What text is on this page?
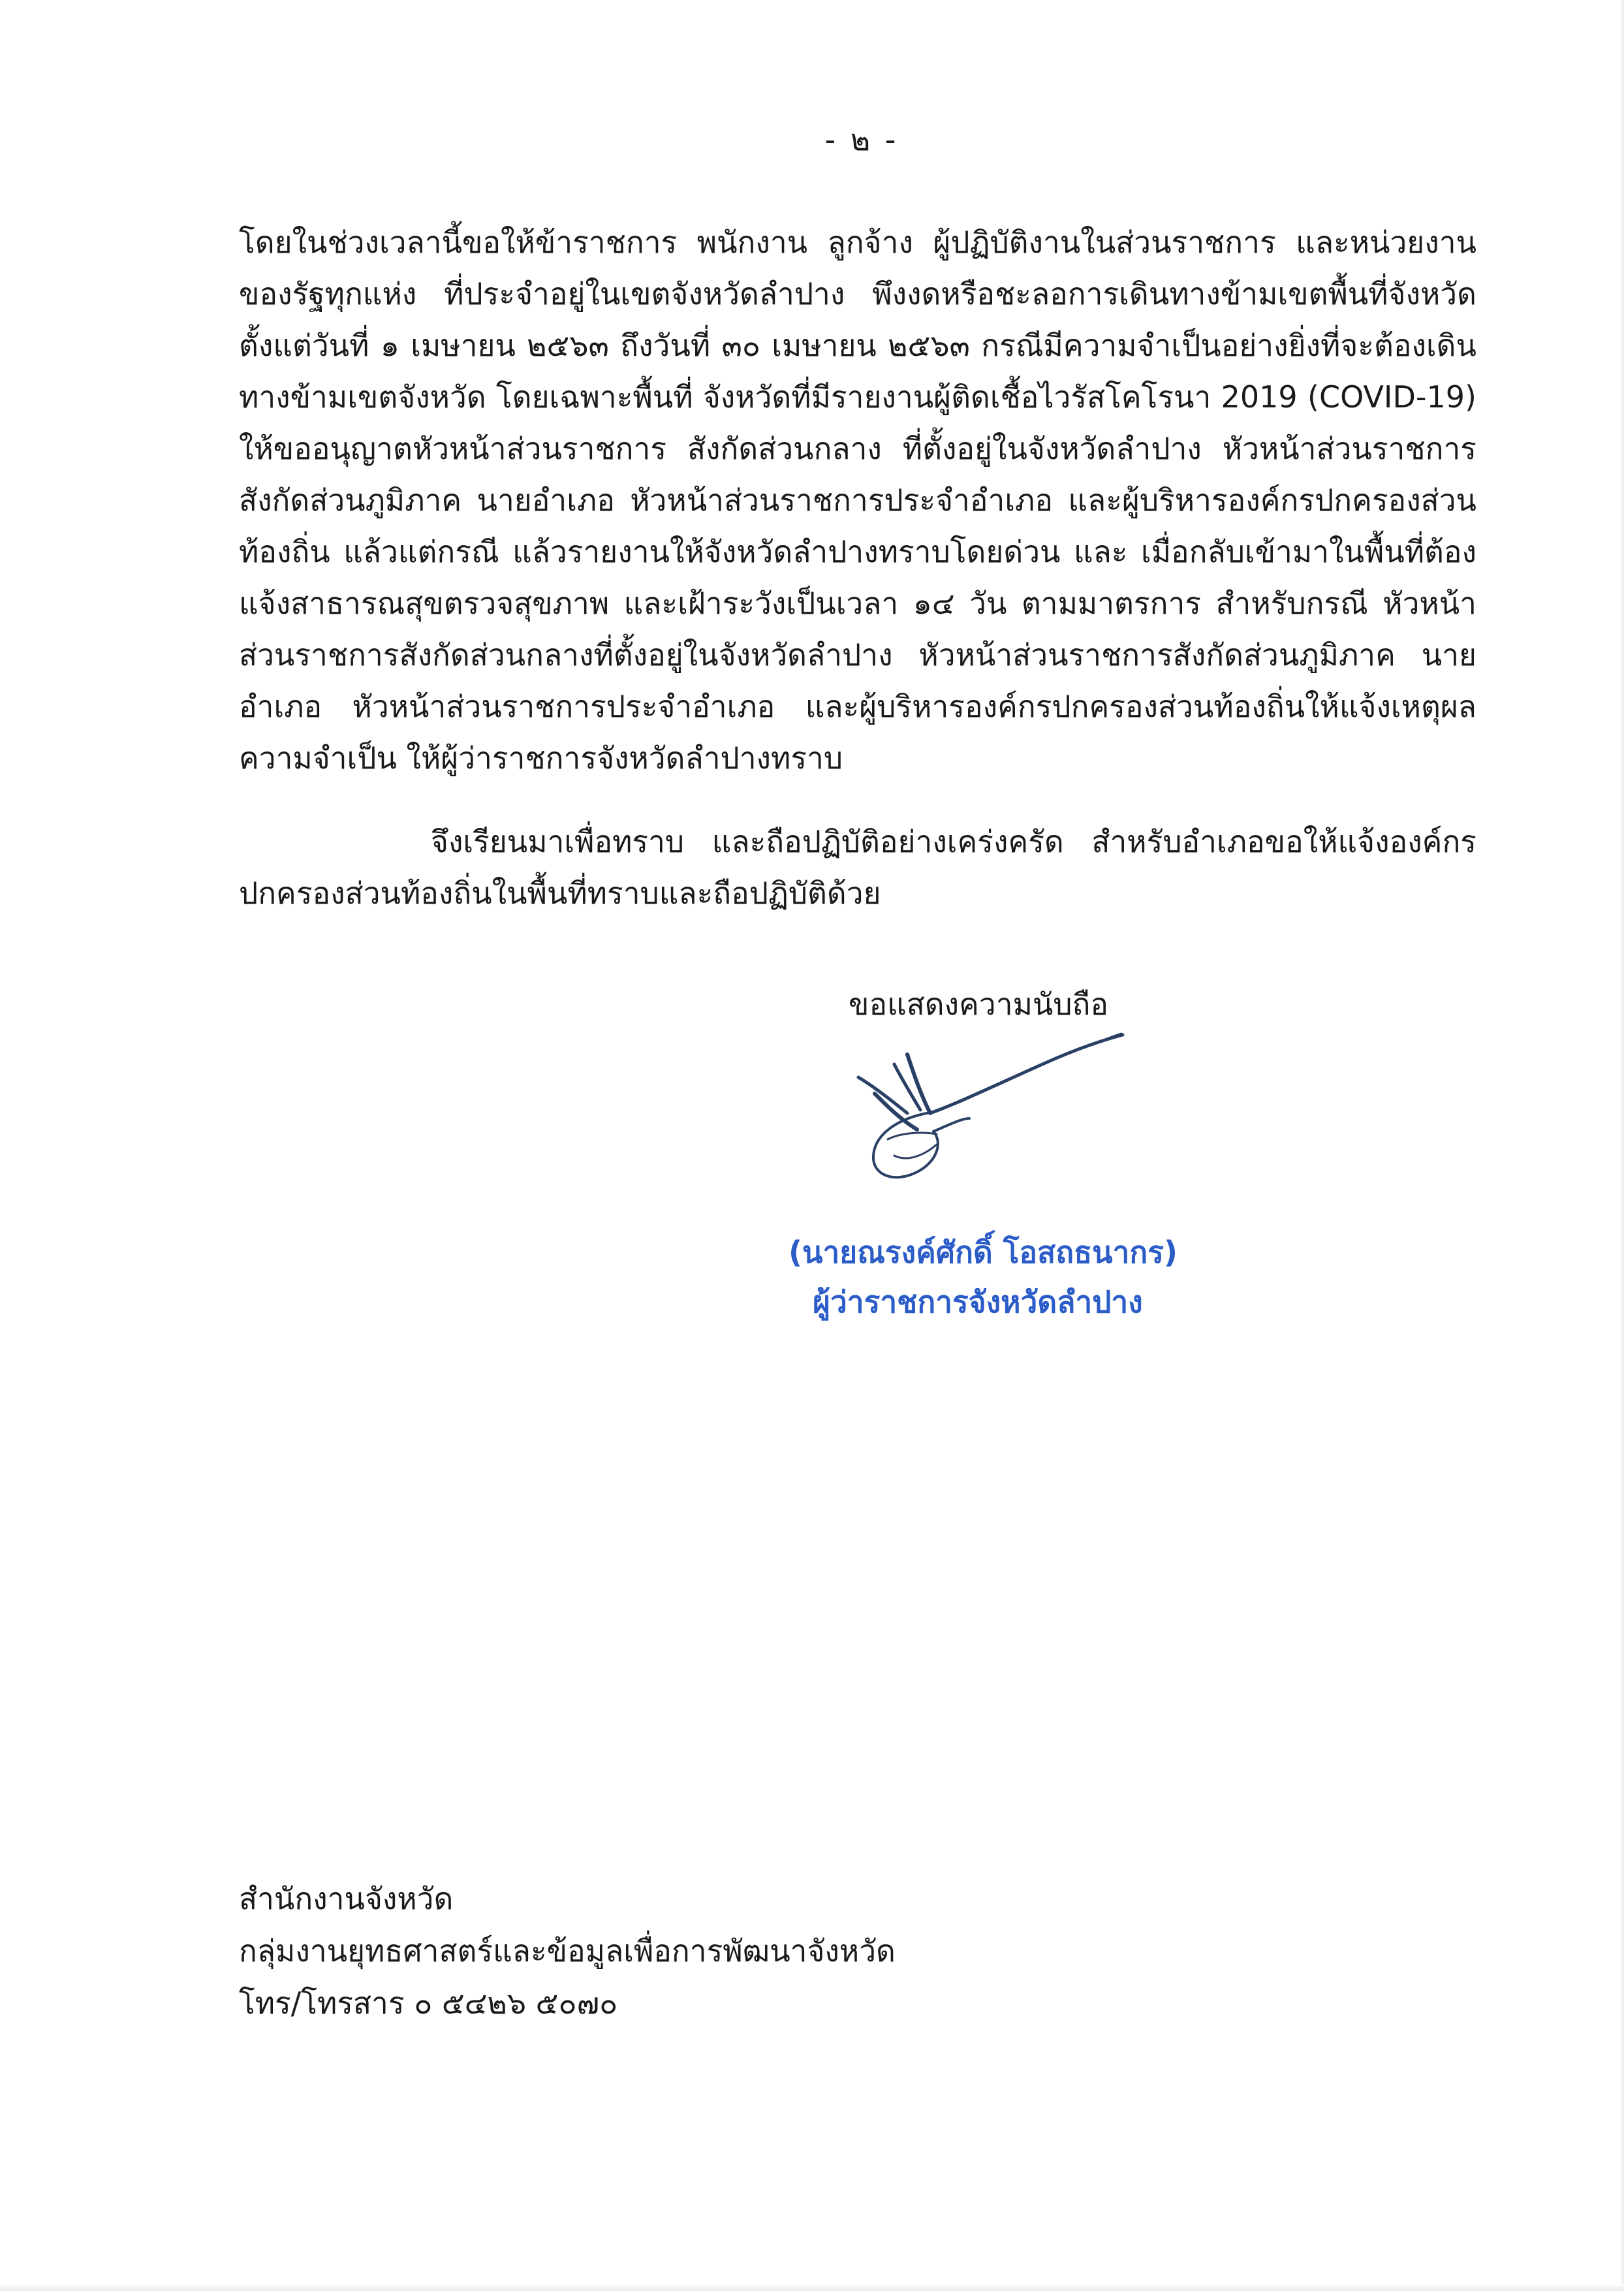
- ๒ -

โดยในช่วงเวลานี้ขอให้ข้าราชการ พนักงาน ลูกจ้าง ผู้ปฏิบัติงานในส่วนราชการ และหน่วยงานของรัฐทุกแห่ง ที่ประจำอยู่ในเขตจังหวัดลำปาง พึงงดหรือชะลอการเดินทางข้ามเขตพื้นที่จังหวัด ตั้งแต่วันที่ ๑ เมษายน ๒๕๖๓ ถึงวันที่ ๓๐ เมษายน ๒๕๖๓ กรณีมีความจำเป็นอย่างยิ่งที่จะต้องเดินทางข้ามเขตจังหวัด โดยเฉพาะพื้นที่ จังหวัดที่มีรายงานผู้ติดเชื้อไวรัสโคโรนา 2019 (COVID-19) ให้ขออนุญาตหัวหน้าส่วนราชการ สังกัดส่วนกลาง ที่ตั้งอยู่ในจังหวัดลำปาง หัวหน้าส่วนราชการสังกัดส่วนภูมิภาค นายอำเภอ หัวหน้าส่วนราชการประจำอำเภอ และผู้บริหารองค์กรปกครองส่วนท้องถิ่น แล้วแต่กรณี แล้วรายงานให้จังหวัดลำปางทราบโดยด่วน และ เมื่อกลับเข้ามาในพื้นที่ต้องแจ้งสาธารณสุขตรวจสุขภาพ และเฝ้าระวังเป็นเวลา ๑๔ วัน ตามมาตรการ สำหรับกรณี หัวหน้าส่วนราชการสังกัดส่วนกลางที่ตั้งอยู่ในจังหวัดลำปาง หัวหน้าส่วนราชการสังกัดส่วนภูมิภาค นายอำเภอ หัวหน้าส่วนราชการประจำอำเภอ และผู้บริหารองค์กรปกครองส่วนท้องถิ่นให้แจ้งเหตุผลความจำเป็น ให้ผู้ว่าราชการจังหวัดลำปางทราบ

จึงเรียนมาเพื่อทราบ และถือปฏิบัติอย่างเคร่งครัด สำหรับอำเภอขอให้แจ้งองค์กรปกครองส่วนท้องถิ่นในพื้นที่ทราบและถือปฏิบัติด้วย
ขอแสดงความนับถือ
(นายณรงค์ศักดิ์ โอสถธนากร)
ผู้ว่าราชการจังหวัดลำปาง
สำนักงานจังหวัด
กลุ่มงานยุทธศาสตร์และข้อมูลเพื่อการพัฒนาจังหวัด
โทร/โทรสาร ๐ ๕๔๒๖ ๕๐๗๐
